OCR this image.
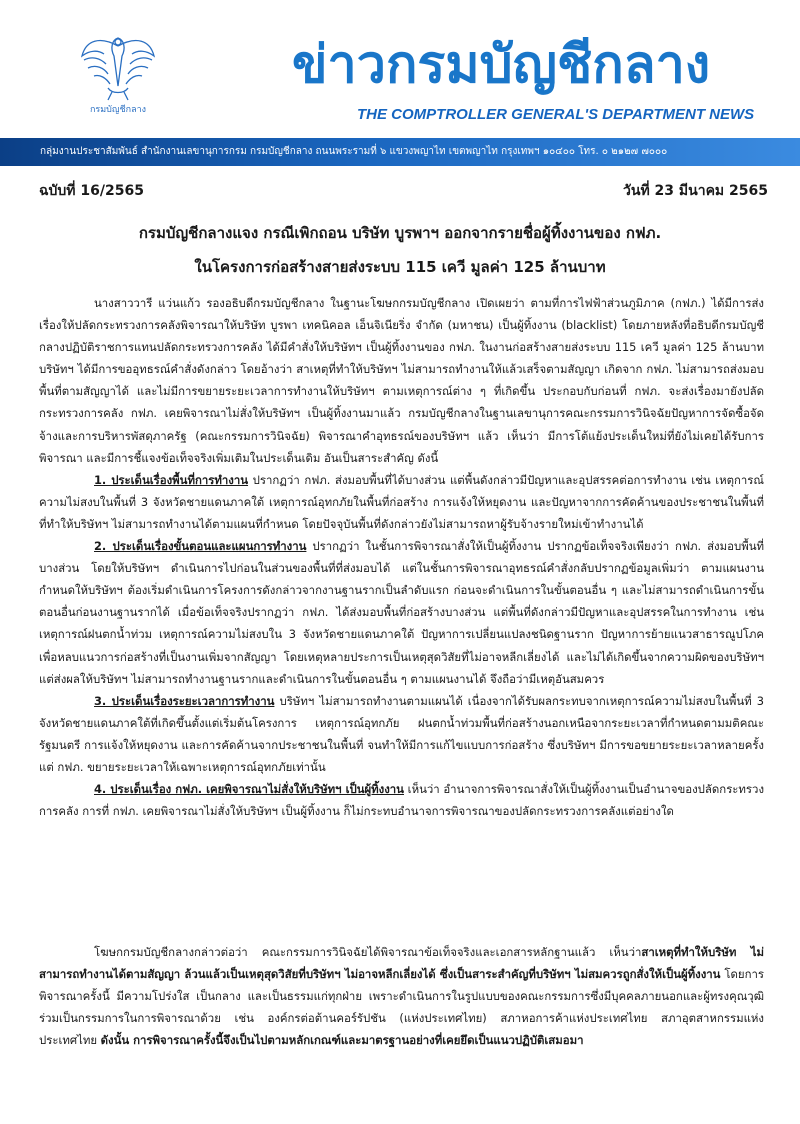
กรมบัญชีกลาง
ข่าวกรมบัญชีกลาง
THE COMPTROLLER GENERAL'S DEPARTMENT NEWS
กลุ่มงานประชาสัมพันธ์ สำนักงานเลขานุการกรม กรมบัญชีกลาง ถนนพระรามที่ ๖ แขวงพญาไท เขตพญาไท กรุงเทพฯ ๑๐๔๐๐ โทร. ๐ ๒๑๒๗ ๗๐๐๐
ฉบับที่ 16/2565	วันที่ 23 มีนาคม 2565
กรมบัญชีกลางแจง กรณีเพิกถอน บริษัท บูรพาฯ ออกจากรายชื่อผู้ทิ้งงานของ กฟภ.
ในโครงการก่อสร้างสายส่งระบบ 115 เควี มูลค่า 125 ล้านบาท

นางสาววารี แว่นแก้ว รองอธิบดีกรมบัญชีกลาง ในฐานะโฆษกกรมบัญชีกลาง เปิดเผยว่า ตามที่การไฟฟ้าส่วนภูมิภาค (กฟภ.) ได้มีการส่งเรื่องให้ปลัดกระทรวงการคลังพิจารณาให้บริษัท บูรพา เทคนิคอล เอ็นจิเนียริ่ง จำกัด (มหาชน) เป็นผู้ทิ้งงาน (blacklist) โดยภายหลังที่อธิบดีกรมบัญชีกลางปฏิบัติราชการแทนปลัดกระทรวงการคลัง ได้มีคำสั่งให้บริษัทฯ เป็นผู้ทิ้งงานของ กฟภ. ในงานก่อสร้างสายส่งระบบ 115 เควี มูลค่า 125 ล้านบาท บริษัทฯ ได้มีการขออุทธรณ์คำสั่งดังกล่าว โดยอ้างว่า สาเหตุที่ทำให้บริษัทฯ ไม่สามารถทำงานให้แล้วเสร็จตามสัญญา เกิดจาก กฟภ. ไม่สามารถส่งมอบพื้นที่ตามสัญญาได้ และไม่มีการขยายระยะเวลาการทำงานให้บริษัทฯ ตามเหตุการณ์ต่าง ๆ ที่เกิดขึ้น ประกอบกับก่อนที่ กฟภ. จะส่งเรื่องมายังปลัดกระทรวงการคลัง กฟภ. เคยพิจารณาไม่สั่งให้บริษัทฯ เป็นผู้ทิ้งงานมาแล้ว กรมบัญชีกลางในฐานเลขานุการคณะกรรมการวินิจฉัยปัญหาการจัดซื้อจัดจ้างและการบริหารพัสดุภาครัฐ (คณะกรรมการวินิจฉัย) พิจารณาคำอุทธรณ์ของบริษัทฯ แล้ว เห็นว่า มีการโต้แย้งประเด็นใหม่ที่ยังไม่เคยได้รับการพิจารณา และมีการชี้แจงข้อเท็จจริงเพิ่มเติมในประเด็นเดิม อันเป็นสาระสำคัญ ดังนี้

1. ประเด็นเรื่องพื้นที่การทำงาน ปรากฏว่า กฟภ. ส่งมอบพื้นที่ได้บางส่วน แต่พื้นดังกล่าวมีปัญหาและอุปสรรคต่อการทำงาน เช่น เหตุการณ์ความไม่สงบในพื้นที่ 3 จังหวัดชายแดนภาคใต้ เหตุการณ์อุทกภัยในพื้นที่ก่อสร้าง การแจ้งให้หยุดงาน และปัญหาจากการคัดค้านของประชาชนในพื้นที่ที่ทำให้บริษัทฯ ไม่สามารถทำงานได้ตามแผนที่กำหนด โดยปัจจุบันพื้นที่ดังกล่าวยังไม่สามารถหาผู้รับจ้างรายใหม่เข้าทำงานได้

2. ประเด็นเรื่องขั้นตอนและแผนการทำงาน ปรากฏว่า ในชั้นการพิจารณาสั่งให้เป็นผู้ทิ้งงาน ปรากฏข้อเท็จจริงเพียงว่า กฟภ. ส่งมอบพื้นที่บางส่วน โดยให้บริษัทฯ ดำเนินการไปก่อนในส่วนของพื้นที่ที่ส่งมอบได้ แต่ในชั้นการพิจารณาอุทธรณ์คำสั่งกลับปรากฏข้อมูลเพิ่มว่า ตามแผนงานกำหนดให้บริษัทฯ ต้องเริ่มดำเนินการโครงการดังกล่าวจากงานฐานรากเป็นลำดับแรก ก่อนจะดำเนินการในขั้นตอนอื่น ๆ และไม่สามารถดำเนินการขั้นตอนอื่นก่อนงานฐานรากได้ เมื่อข้อเท็จจริงปรากฏว่า กฟภ. ได้ส่งมอบพื้นที่ก่อสร้างบางส่วน แต่พื้นที่ดังกล่าวมีปัญหาและอุปสรรคในการทำงาน เช่น เหตุการณ์ฝนตกน้ำท่วม เหตุการณ์ความไม่สงบใน 3 จังหวัดชายแดนภาคใต้ ปัญหาการเปลี่ยนแปลงชนิดฐานราก ปัญหาการย้ายแนวสาธารณูปโภค เพื่อหลบแนวการก่อสร้างที่เป็นงานเพิ่มจากสัญญา โดยเหตุหลายประการเป็นเหตุสุดวิสัยที่ไม่อาจหลีกเลี่ยงได้ และไม่ได้เกิดขึ้นจากความผิดของบริษัทฯ แต่ส่งผลให้บริษัทฯ ไม่สามารถทำงานฐานรากและดำเนินการในขั้นตอนอื่น ๆ ตามแผนงานได้ จึงถือว่ามีเหตุอันสมควร

3. ประเด็นเรื่องระยะเวลาการทำงาน บริษัทฯ ไม่สามารถทำงานตามแผนได้ เนื่องจากได้รับผลกระทบจากเหตุการณ์ความไม่สงบในพื้นที่ 3 จังหวัดชายแดนภาคใต้ที่เกิดขึ้นตั้งแต่เริ่มต้นโครงการ เหตุการณ์อุทกภัย ฝนตกน้ำท่วมพื้นที่ก่อสร้างนอกเหนือจากระยะเวลาที่กำหนดตามมติคณะรัฐมนตรี การแจ้งให้หยุดงาน และการคัดค้านจากประชาชนในพื้นที่ จนทำให้มีการแก้ไขแบบการก่อสร้าง ซึ่งบริษัทฯ มีการขอขยายระยะเวลาหลายครั้ง แต่ กฟภ. ขยายระยะเวลาให้เฉพาะเหตุการณ์อุทกภัยเท่านั้น

4. ประเด็นเรื่อง กฟภ. เคยพิจารณาไม่สั่งให้บริษัทฯ เป็นผู้ทิ้งงาน เห็นว่า อำนาจการพิจารณาสั่งให้เป็นผู้ทิ้งงานเป็นอำนาจของปลัดกระทรวงการคลัง การที่ กฟภ. เคยพิจารณาไม่สั่งให้บริษัทฯ เป็นผู้ทิ้งงาน ก็ไม่กระทบอำนาจการพิจารณาของปลัดกระทรวงการคลังแต่อย่างใด

โฆษกกรมบัญชีกลางกล่าวต่อว่า คณะกรรมการวินิจฉัยได้พิจารณาข้อเท็จจริงและเอกสารหลักฐานแล้ว เห็นว่าสาเหตุที่ทำให้บริษัท ไม่สามารถทำงานได้ตามสัญญา ล้วนแล้วเป็นเหตุสุดวิสัยที่บริษัทฯ ไม่อาจหลีกเลี่ยงได้ ซึ่งเป็นสาระสำคัญที่บริษัทฯ ไม่สมควรถูกสั่งให้เป็นผู้ทิ้งงาน โดยการพิจารณาครั้งนี้ มีความโปร่งใส เป็นกลาง และเป็นธรรมแก่ทุกฝ่าย เพราะดำเนินการในรูปแบบของคณะกรรมการซึ่งมีบุคคลภายนอกและผู้ทรงคุณวุฒิร่วมเป็นกรรมการในการพิจารณาด้วย เช่น องค์กรต่อต้านคอร์รัปชัน (แห่งประเทศไทย) สภาหอการค้าแห่งประเทศไทย สภาอุตสาหกรรมแห่งประเทศไทย ดังนั้น การพิจารณาครั้งนี้จึงเป็นไปตามหลักเกณฑ์และมาตรฐานอย่างที่เคยยึดเป็นแนวปฏิบัติเสมอมา
